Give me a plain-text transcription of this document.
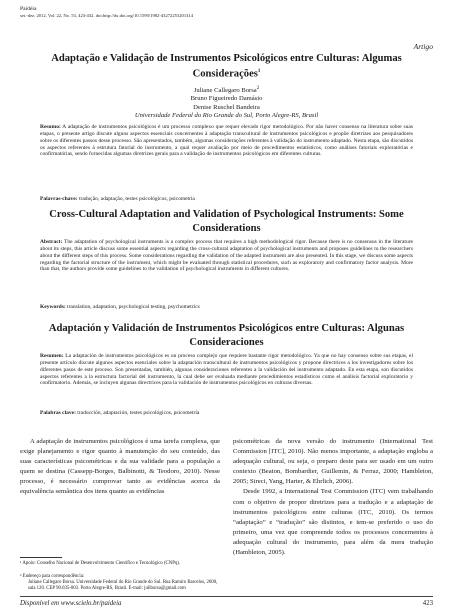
Paidéia
set.-dez. 2012, Vol. 22, No. 53, 423-432. doi:http://dx.doi.org/10.1590/1982-43272253201314
Artigo
Adaptação e Validação de Instrumentos Psicológicos entre Culturas: Algumas Considerações$^1$
Juliane Callegaro Borsa$^2$
Bruno Figueiredo Damásio
Denise Ruschel Bandeira
Universidade Federal do Rio Grande do Sul, Porto Alegre-RS, Brasil
Resumo: A adaptação de instrumentos psicológicos é um processo complexo que requer elevado rigor metodológico. Por não haver consenso na literatura sobre suas etapas, o presente artigo discute alguns aspectos essenciais concernentes à adaptação transcultural de instrumentos psicológicos e propõe diretrizes aos pesquisadores sobre os diferentes passos desse processo. São apresentados, também, algumas considerações referentes à validação do instrumento adaptado. Nesta etapa, são discutidos os aspectos referentes à estrutura fatorial do instrumento, a qual requer avaliação por meio de procedimentos estatísticos, como análises fatoriais exploratórias e confirmatórias, sendo fornecidas algumas diretrizes gerais para a validação de instrumentos psicológicos em diferentes culturas.
Palavras-chave: tradução, adaptação, testes psicológicos, psicometria
Cross-Cultural Adaptation and Validation of Psychological Instruments: Some Considerations
Abstract: The adaptation of psychological instruments is a complex process that requires a high methodological rigor. Because there is no consensus in the literature about its steps, this article discuss some essential aspects regarding the cross-cultural adaptation of psychological instruments and proposes guidelines to the researchers about the different steps of this process. Some considerations regarding the validation of the adapted instrument are also presented. In this stage, we discuss some aspects regarding the factorial structure of the instrument, which might be evaluated through statistical procedures, such as exploratory and confirmatory factor analysis. More than that, the authors provide some guidelines to the validation of psychological instruments in different cultures.
Keywords: translation, adaptation, psychological testing, psychometrics
Adaptación y Validación de Instrumentos Psicológicos entre Culturas: Algunas Consideraciones
Resumen: La adaptación de instrumentos psicológicos es un proceso complejo que requiere bastante rigor metodológico. Ya que no hay consenso sobre sus etapas, el presente artículo discute algunos aspectos esenciales sobre la adaptación transcultural de instrumentos psicológicos y propone directrices a los investigadores sobre los diferentes pasos de este proceso. Son presentadas, también, algunas consideraciones referentes a la validación del instrumento adaptado. En esta etapa, son discutidos aspectos referentes a la estructura factorial del instrumento, la cual debe ser evaluada mediante procedimientos estadísticos como el análisis factorial exploratorio y confirmatorio. Además, se incluyen algunas directrices para la validación de instrumentos psicológicos en culturas diversas.
Palabras clave: traducción, adaptación, testes psicológicos, psicometría
A adaptação de instrumentos psicológicos é uma tarefa complexa, que exige planejamento e rigor quanto à manutenção do seu conteúdo, das suas características psicométricas e da sua validade para a população a quem se destina (Cassepp-Borges, Balbinotti, & Teodoro, 2010). Nesse processo, é necessário comprovar tanto as evidências acerca da equivalência semântica dos itens quanto as evidências
psicométricas da nova versão do instrumento (International Test Commission [ITC], 2010). Não menos importante, a adaptação engloba a adequação cultural, ou seja, o preparo deste para ser usado em um outro contexto (Beaton, Bombardier, Guillemin, & Ferraz, 2000; Hambleton, 2005; Sireci, Yang, Harter, & Ehrlich, 2006).
Desde 1992, a International Test Commission (ITC) vem trabalhando com o objetivo de propor diretrizes para a tradução e a adaptação de instrumentos psicológicos entre culturas (ITC, 2010). Os termos “adaptação” e “tradução” são distintos, e tem-se preferido o uso do primeiro, uma vez que compreende todos os processos concernentes à adequação cultural do instrumento, para além da mera tradução (Hambleton, 2005).
¹ Apoio: Conselho Nacional de Desenvolvimento Científico e Tecnológico (CNPq).
² Endereço para correspondência:
Juliane Callegaro Borsa. Universidade Federal do Rio Grande do Sul. Rua Ramiro Barcelos, 2600, sala 120. CEP 90.035-003. Porto Alegre-RS, Brasil. E-mail: juliborsa@gmail.com
Disponível em www.scielo.br/paideia	423
